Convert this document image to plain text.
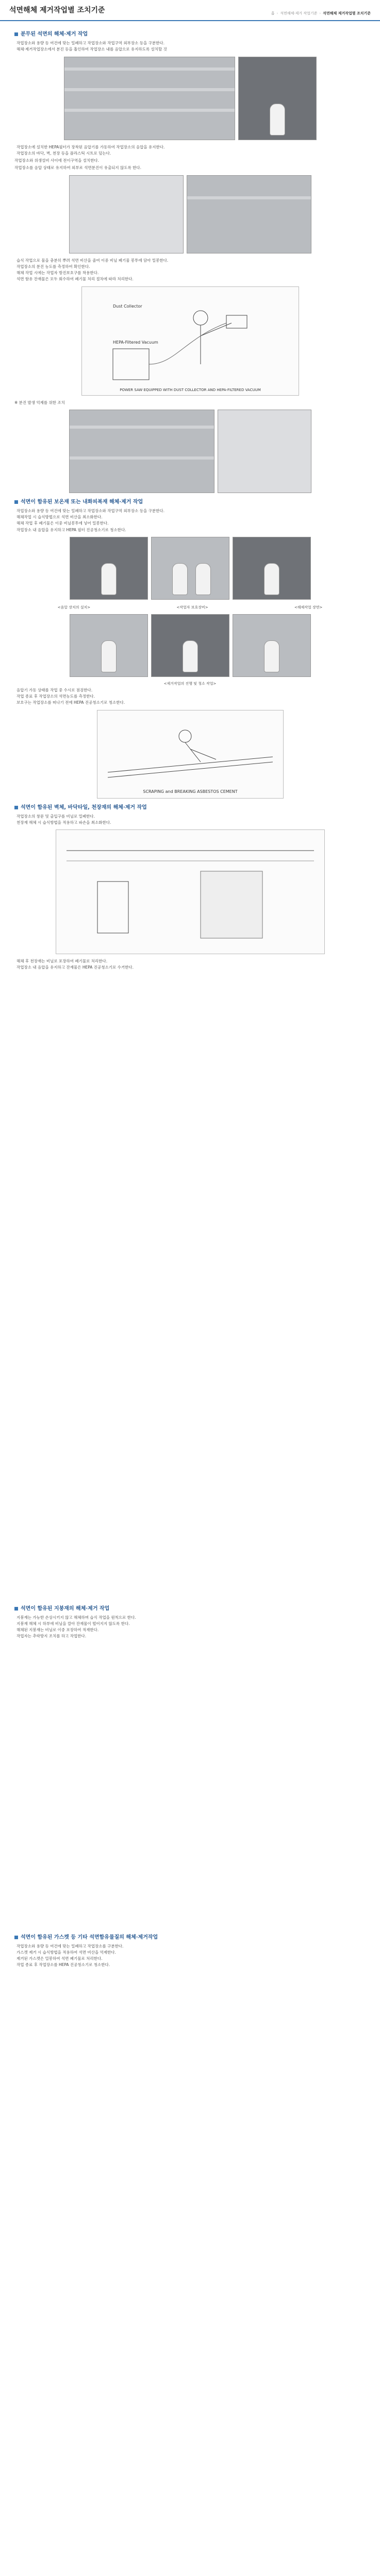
석면해체 제거작업별 조치기준	홈 › 석면해체·제거 작업기준 › 석면해체 제거작업별 조치기준
분무된 석면의 해체·제거 작업
작업장소와 용량 등 여건에 맞는 밀폐하고 작업장소와 작업구역 외부장소 등을 구분한다.
해체·제거작업장소에서 분진 등을 흡인하여 작업장소 내를 음압으로 유지하도록 설치할 것
작업장소에 설치한 HEPA필터가 장착된 음압기를 가동하여 작업장소의 음압을 유지한다.
작업장소의 바닥, 벽, 천장 등을 플라스틱 시트로 덮는다.
작업장소와 위생설비 사이에 전이구역을 설치한다.
작업장소를 음압 상태로 유지하여 외부로 석면분진이 유출되지 않도록 한다.
습식 작업으로 물을 충분히 뿌려 석면 비산을 줄여 이중 비닐 폐기물 봉투에 담아 밀봉한다.
작업장소의 분진 농도를 측정하여 확인한다.
해체 작업 시에는 작업자 방진보호구를 착용한다.
석면 함유 잔재물은 모두 회수하여 폐기물 처리 절차에 따라 처리한다.
Dust Collector
HEPA-Filtered Vacuum
POWER SAW EQUIPPED WITH DUST COLLECTOR AND HEPA-FILTERED VACUUM
※ 분진 발생 억제를 위한 조치
석면이 함유된 보온재 또는 내화피복재 해체·제거 작업
작업장소와 용량 등 여건에 맞는 밀폐하고 작업장소와 작업구역 외부장소 등을 구분한다.
해체작업 시 습식방법으로 석면 비산을 최소화한다.
해체 작업 후 폐기물은 이중 비닐봉투에 넣어 밀봉한다.
작업장소 내 음압을 유지하고 HEPA 필터 진공청소기로 청소한다.
<음압 장치의 설치>	<작업자 보호장비>	<해체작업 장면>
<제거작업의 진행 및 청소 작업>
음압기 가동 상태를 작업 중 수시로 점검한다.
작업 종료 후 작업장소의 석면농도를 측정한다.
보호구는 작업장소를 떠나기 전에 HEPA 진공청소기로 청소한다.
SCRAPING and BREAKING ASBESTOS CEMENT
석면이 함유된 벽체, 바닥타일, 천장재의 해체·제거 작업
작업장소의 창문 및 출입구를 비닐로 밀폐한다.
천장재 해체 시 습식방법을 적용하고 파손을 최소화한다.
해체 후 천장재는 비닐로 포장하여 폐기물로 처리한다.
작업장소 내 음압을 유지하고 잔재물은 HEPA 진공청소기로 수거한다.
석면이 함유된 지붕재의 해체·제거 작업
지붕재는 가능한 손상시키지 않고 해체하며 습식 작업을 원칙으로 한다.
지붕재 해체 시 하부에 비닐을 깔아 잔재물이 떨어지지 않도록 한다.
해체된 지붕재는 비닐로 이중 포장하여 적재한다.
작업자는 추락방지 조치를 하고 작업한다.
석면이 함유된 가스켓 등 기타 석면함유물질의 해체·제거작업
작업장소와 용량 등 여건에 맞는 밀폐하고 작업장소를 구분한다.
가스켓 제거 시 습식방법을 적용하여 석면 비산을 억제한다.
제거된 가스켓은 밀봉하여 석면 폐기물로 처리한다.
작업 종료 후 작업장소를 HEPA 진공청소기로 청소한다.
